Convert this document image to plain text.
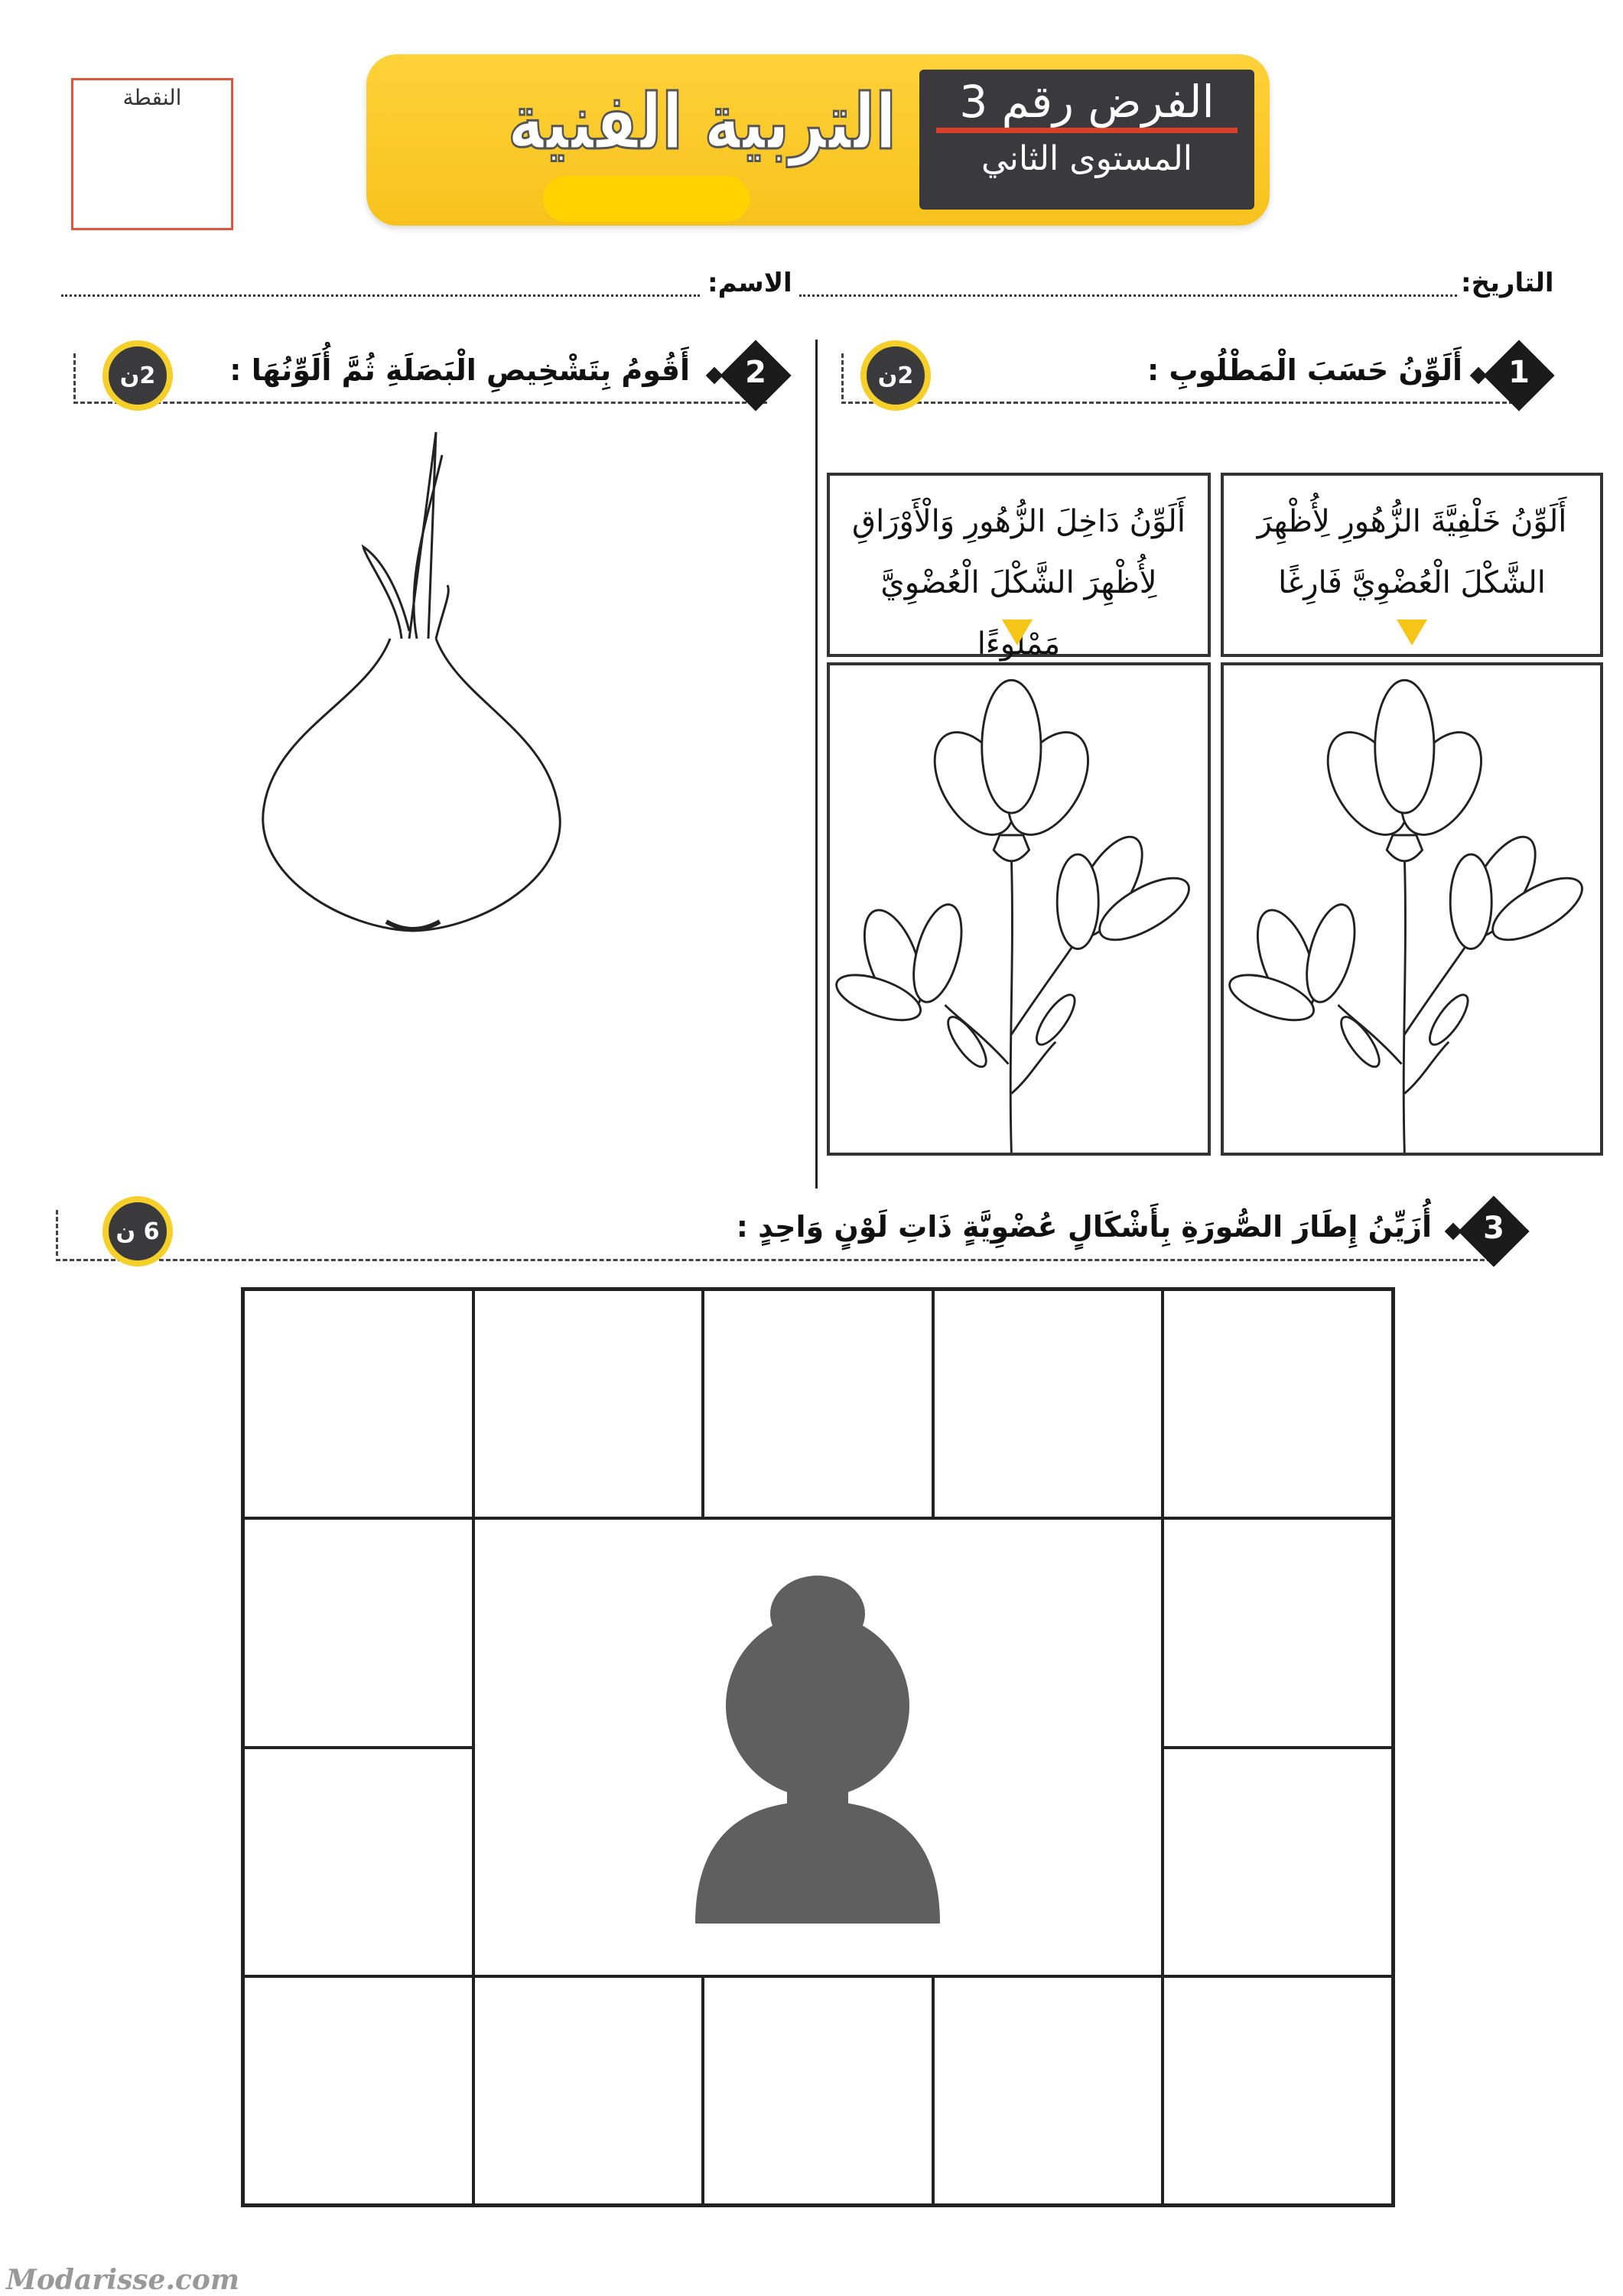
النقطة	التربية الفنية	الفرض رقم 3
المستوى الثاني
التاريخ:
الاسم:
1
أَلَوِّنُ حَسَبَ الْمَطْلُوبِ :
2ن
أَلَوِّنُ خَلْفِيَّةَ الزُّهُورِ لِأُظْهِرَ الشَّكْلَ الْعُضْوِيَّ فَارِغًا
أَلَوِّنُ دَاخِلَ الزُّهُورِ وَالْأَوْرَاقِ لِأُظْهِرَ الشَّكْلَ الْعُضْوِيَّ مَمْلُوءًا
2
أَقُومُ بِتَشْخِيصِ الْبَصَلَةِ ثُمَّ أُلَوِّنُهَا :
2ن
3
أُزَيِّنُ إِطَارَ الصُّورَةِ بِأَشْكَالٍ عُضْوِيَّةٍ ذَاتِ لَوْنٍ وَاحِدٍ :
6 ن
Modarisse.com
